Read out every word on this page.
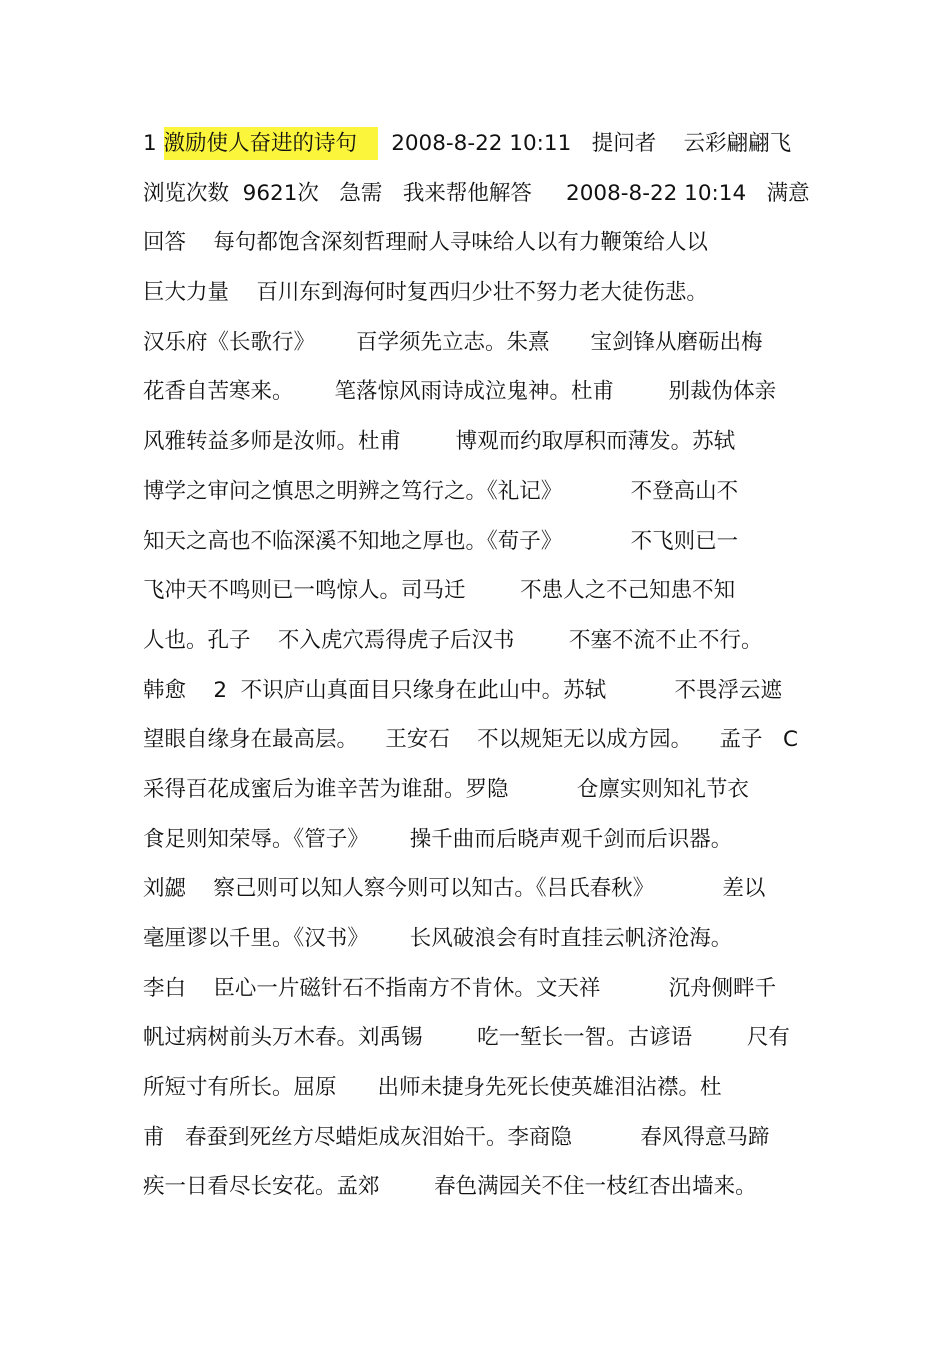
1 激励使人奋进的诗句     2008-8-22 10:11   提问者    云彩翩翩飞
浏览次数  9621次   急需   我来帮他解答     2008-8-22 10:14   满意
回答    每句都饱含深刻哲理耐人寻味给人以有力鞭策给人以
巨大力量    百川东到海何时复西归少壮不努力老大徒伤悲。
汉乐府《长歌行》      百学须先立志。朱熹      宝剑锋从磨砺出梅
花香自苦寒来。      笔落惊风雨诗成泣鬼神。杜甫        别裁伪体亲
风雅转益多师是汝师。杜甫        博观而约取厚积而薄发。苏轼
博学之审问之慎思之明辨之笃行之。《礼记》          不登高山不
知天之高也不临深溪不知地之厚也。《荀子》          不飞则已一
飞冲天不鸣则已一鸣惊人。司马迁        不患人之不己知患不知
人也。孔子    不入虎穴焉得虎子后汉书        不塞不流不止不行。
韩愈    2  不识庐山真面目只缘身在此山中。苏轼          不畏浮云遮
望眼自缘身在最高层。    王安石    不以规矩无以成方园。    孟子   C
采得百花成蜜后为谁辛苦为谁甜。罗隐          仓廪实则知礼节衣
食足则知荣辱。《管子》      操千曲而后晓声观千剑而后识器。
刘勰    察己则可以知人察今则可以知古。《吕氏春秋》          差以
毫厘谬以千里。《汉书》      长风破浪会有时直挂云帆济沧海。
李白    臣心一片磁针石不指南方不肯休。文天祥          沉舟侧畔千
帆过病树前头万木春。刘禹锡        吃一堑长一智。古谚语        尺有
所短寸有所长。屈原      出师未捷身先死长使英雄泪沾襟。杜
甫   春蚕到死丝方尽蜡炬成灰泪始干。李商隐          春风得意马蹄
疾一日看尽长安花。孟郊        春色满园关不住一枝红杏出墙来。
